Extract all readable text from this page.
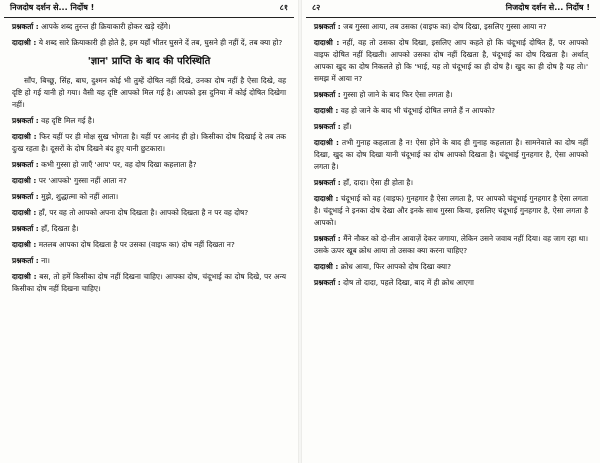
निजदोष दर्शन से... निर्दोष !	८१

प्रश्नकर्ता : आपके शब्द तुरन्त ही क्रियाकारी होकर खड़े रहेंगे।

दादाश्री : ये शब्द सारे क्रियाकारी ही होते है, हम यहाँ भीतर घुसने दें तब, घुसने ही नहीं दें, तब क्या हो?

'ज्ञान' प्राप्ति के बाद की परिस्थिति

साँप, बिच्छू, सिंह, बाघ, दुश्मन कोई भी तुम्हें दोषित नहीं दिखे, उनका दोष नहीं है ऐसा दिखे, वह दृष्टि हो गई यानी हो गया। वैसी यह दृष्टि आपको मिल गई है। आपको इस दुनिया में कोई दोषित दिखेगा नहीं।

प्रश्नकर्ता : वह दृष्टि मिल गई है।

दादाश्री : फिर यहीं पर ही मोक्ष सुख भोगता है। यहीं पर आनंद ही हो। किसीका दोष दिखाई दे तब तक दुःख रहता है। दूसरों के दोष दिखने बंद हुए यानी छुटकारा।

प्रश्नकर्ता : कभी गुस्सा हो जाएँ 'आप' पर, वह दोष दिखा कहलाता है?

दादाश्री : पर 'आपको' गुस्सा नहीं आता न?

प्रश्नकर्ता : मुझे, शुद्धात्मा को नहीं आता।

दादाश्री : हाँ, पर वह तो आपको अपना दोष दिखता है। आपको दिखता है न पर वह दोष?

प्रश्नकर्ता : हाँ, दिखता है।

दादाश्री : मतलब आपका दोष दिखता है पर उसका (वाइफ का) दोष नहीं दिखता न?

प्रश्नकर्ता : ना।

दादाश्री : बस, तो हमें किसीका दोष नहीं दिखना चाहिए। आपका दोष, चंदूभाई का दोष दिखे, पर अन्य किसीका दोष नहीं दिखना चाहिए।

८२	निजदोष दर्शन से... निर्दोष !

प्रश्नकर्ता : जब गुस्सा आया, तब उसका (वाइफ का) दोष दिखा, इसलिए गुस्सा आया न?

दादाश्री : नहीं, वह तो उसका दोष दिखा, इसलिए आप कहते हो कि चंदूभाई दोषित हैं, पर आपको वाइफ दोषित नहीं दिखती। आपको उसका दोष नहीं दिखता है, चंदूभाई का दोष दिखता है। अर्थात् आपका खुद का दोष निकलते हो कि 'भाई, यह तो चंदूभाई का ही दोष है। खुद का ही दोष है यह तो।' समझ में आया न?

प्रश्नकर्ता : गुस्सा हो जाने के बाद फिर ऐसा लगता है।

दादाश्री : वह हो जाने के बाद भी चंदूभाई दोषित लगते हैं न आपको?

प्रश्नकर्ता : हाँ।

दादाश्री : तभी गुनाह कहलाता है न! ऐसा होने के बाद ही गुनाह कहलाता है। सामनेवाले का दोष नहीं दिखा, खुद का दोष दिखा यानी चंदूभाई का दोष आपको दिखता है। चंदूभाई गुनहगार है, ऐसा आपको लगता है।

प्रश्नकर्ता : हाँ, दादा। ऐसा ही होता है।

दादाश्री : चंदूभाई को वह (वाइफ) गुनहगार है ऐसा लगता है, पर आपको चंदूभाई गुनहगार है ऐसा लगता है। चंदूभाई ने इनका दोष देखा और इनके साथ गुस्सा किया, इसलिए चंदूभाई गुनहगार है, ऐसा लगता है आपको।

प्रश्नकर्ता : मैंने नौकर को दो-तीन आवाज़ें देकर जगाया, लेकिन उसने जवाब नहीं दिया। वह जाग रहा था। उसके ऊपर खूब क्रोध आया तो उसका क्या करना चाहिए?

दादाश्री : क्रोध आया, फिर आपको दोष दिखा क्या?

प्रश्नकर्ता : दोष तो दादा, पहले दिखा, बाद में ही क्रोध आएगा
